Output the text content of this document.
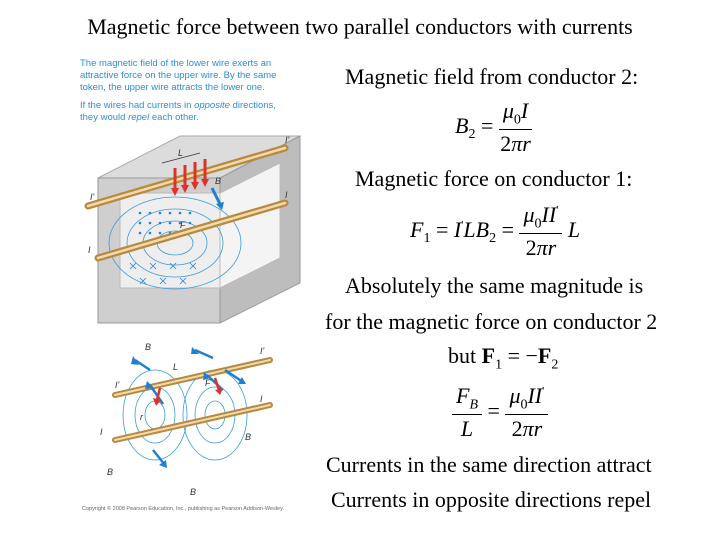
Magnetic force between two parallel conductors with currents

The magnetic field of the lower wire exerts an attractive force on the upper wire. By the same token, the upper wire attracts the lower one.

If the wires had currents in opposite directions, they would repel each other.

L
B
F
I'
I'
I
I
B
L
F
I'
I
I'
I
r
B
B
B
Copyright © 2008 Pearson Education, Inc., publishing as Pearson Addison-Wesley.
Magnetic field from conductor 2:
$B_2 = \frac{\mu_0I}{2\pi r}$
Magnetic force on conductor 1:
$F_1 = I'LB_2 = \frac{\mu_0II'}{2\pi r}$ L
Absolutely the same magnitude is
for the magnetic force on conductor 2
but $F_1 = -F_2$
$\frac{F_B}{L} = \frac{\mu_0II'}{2\pi r}$
Currents in the same direction attract
Currents in opposite directions repel
